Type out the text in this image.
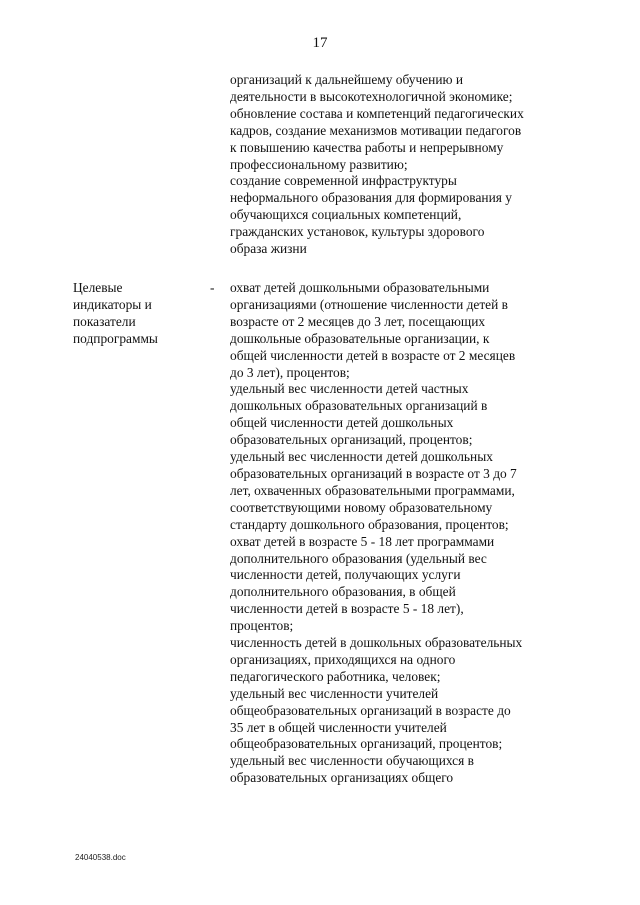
17
организаций к дальнейшему обучению и
деятельности в высокотехнологичной экономике;
обновление состава и компетенций педагогических
кадров, создание механизмов мотивации педагогов
к повышению качества работы и непрерывному
профессиональному развитию;
создание современной инфраструктуры
неформального образования для формирования у
обучающихся социальных компетенций,
гражданских установок, культуры здорового
образа жизни
Целевые
индикаторы и
показатели
подпрограммы
- охват детей дошкольными образовательными
организациями (отношение численности детей в
возрасте от 2 месяцев до 3 лет, посещающих
дошкольные образовательные организации, к
общей численности детей в возрасте от 2 месяцев
до 3 лет), процентов;
удельный вес численности детей частных
дошкольных образовательных организаций в
общей численности детей дошкольных
образовательных организаций, процентов;
удельный вес численности детей дошкольных
образовательных организаций в возрасте от 3 до 7
лет, охваченных образовательными программами,
соответствующими новому образовательному
стандарту дошкольного образования, процентов;
охват детей в возрасте 5 - 18 лет программами
дополнительного образования (удельный вес
численности детей, получающих услуги
дополнительного образования, в общей
численности детей в возрасте 5 - 18 лет),
процентов;
численность детей в дошкольных образовательных
организациях, приходящихся на одного
педагогического работника, человек;
удельный вес численности учителей
общеобразовательных организаций в возрасте до
35 лет в общей численности учителей
общеобразовательных организаций, процентов;
удельный вес численности обучающихся в
образовательных организациях общего
24040538.doc
